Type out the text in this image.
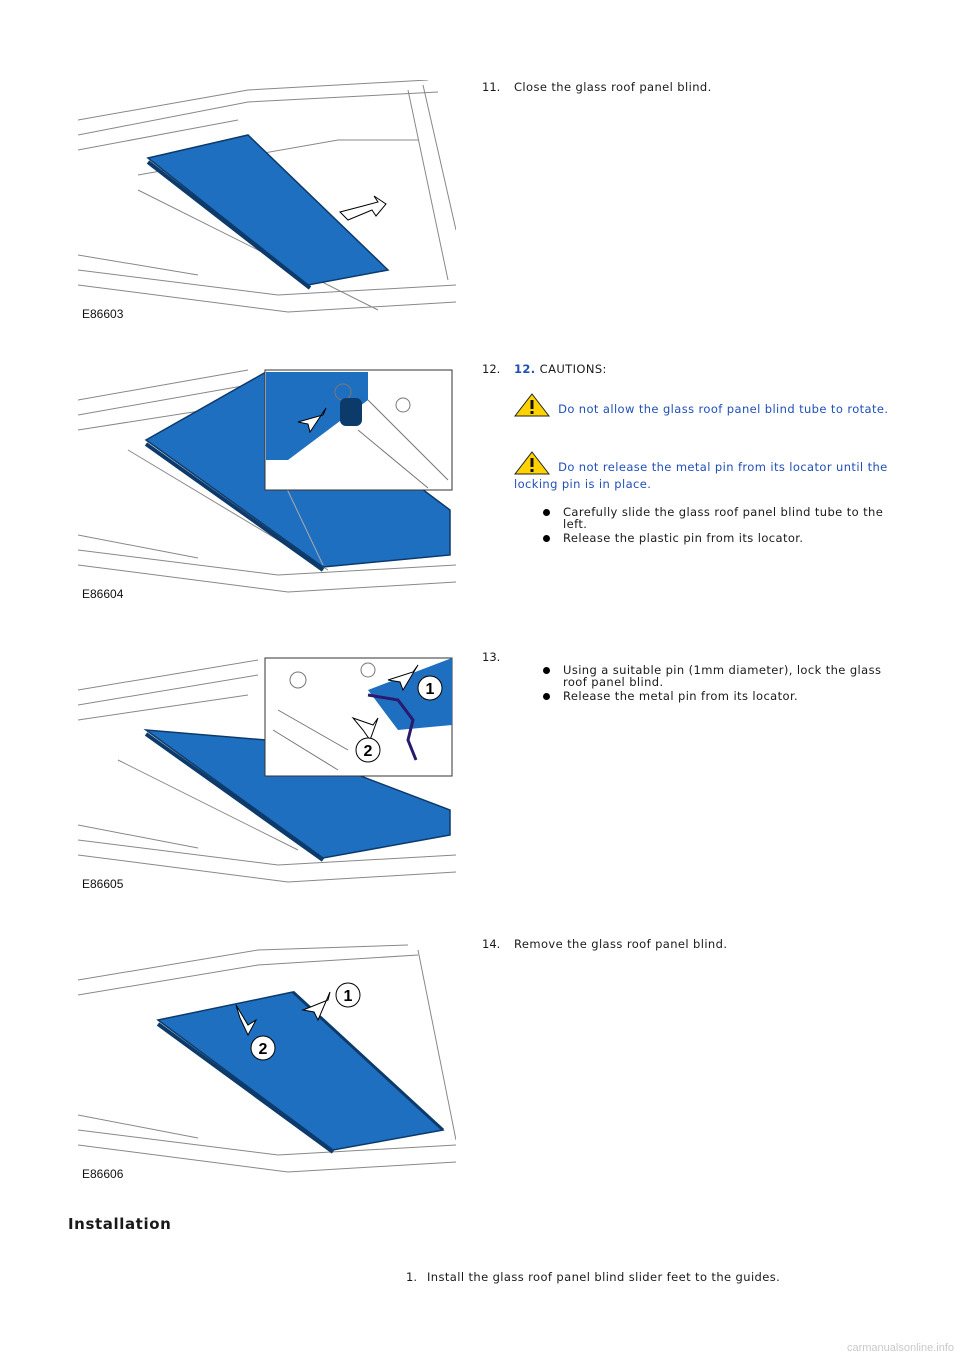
E86603
11. Close the glass roof panel blind.
E86604
12. 12. CAUTIONS:
Do not allow the glass roof panel blind tube to rotate.
Do not release the metal pin from its locator until the locking pin is in place.
Carefully slide the glass roof panel blind tube to the left.
Release the plastic pin from its locator.
1
2
E86605
13.
Using a suitable pin (1mm diameter), lock the glass roof panel blind.
Release the metal pin from its locator.
1
2
E86606
14. Remove the glass roof panel blind.
Installation
1. Install the glass roof panel blind slider feet to the guides.
carmanualsonline.info
